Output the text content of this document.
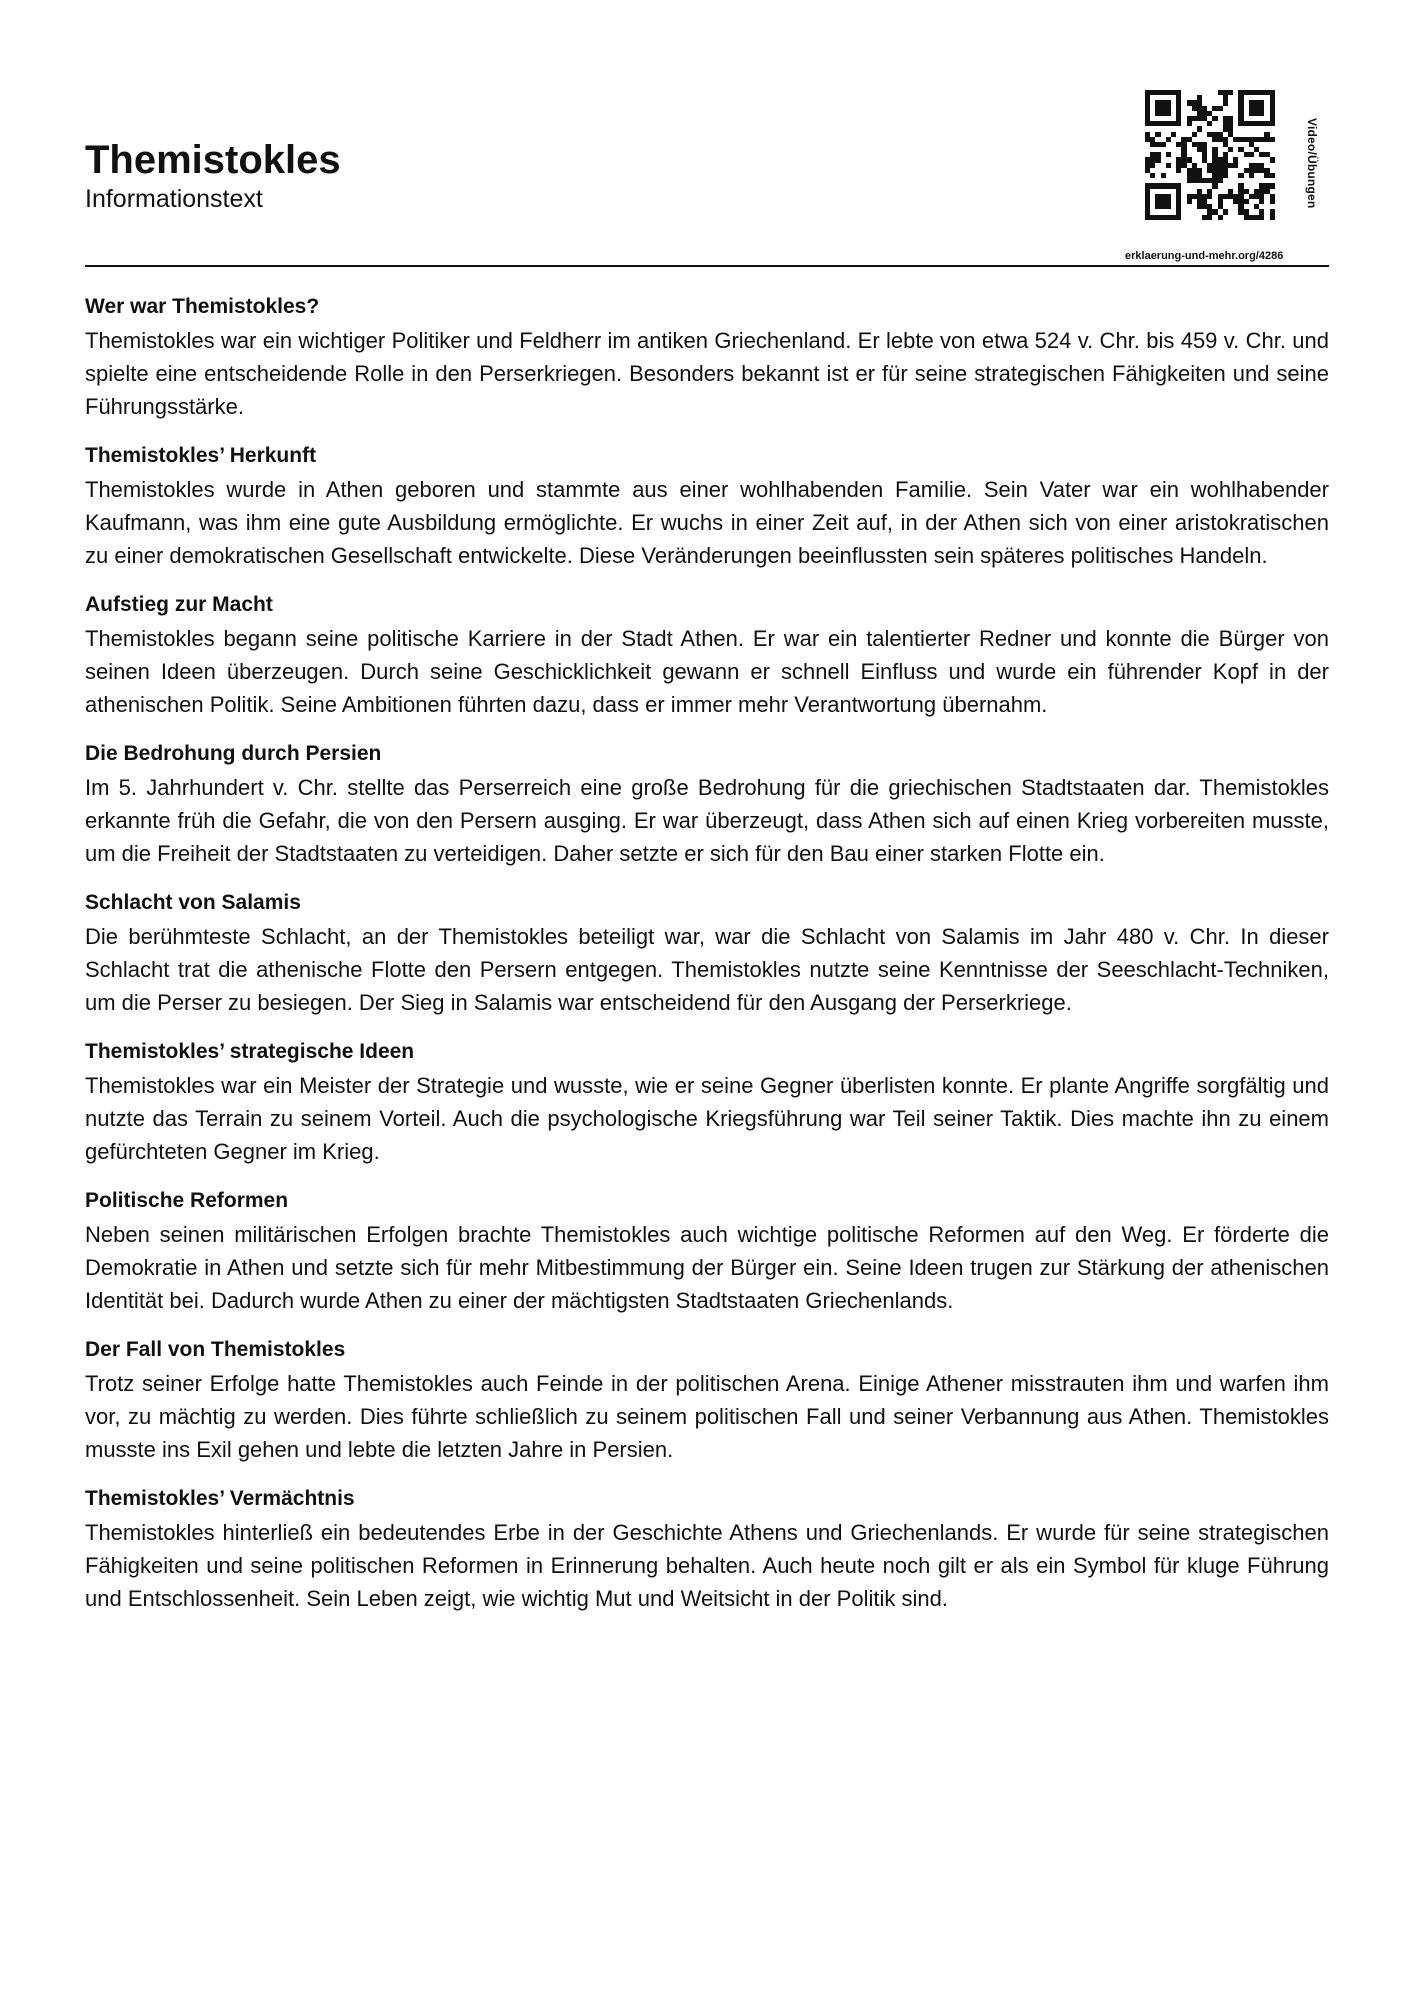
Themistokles
Informationstext	Video/Übungen
erklaerung-und-mehr.org/4286
Wer war Themistokles?

Themistokles war ein wichtiger Politiker und Feldherr im antiken Griechenland. Er lebte von etwa 524 v. Chr. bis 459 v. Chr. und spielte eine entscheidende Rolle in den Perserkriegen. Besonders bekannt ist er für seine strategischen Fähigkeiten und seine Führungsstärke.

Themistokles’ Herkunft

Themistokles wurde in Athen geboren und stammte aus einer wohlhabenden Familie. Sein Vater war ein wohlhabender Kaufmann, was ihm eine gute Ausbildung ermöglichte. Er wuchs in einer Zeit auf, in der Athen sich von einer aristokratischen zu einer demokratischen Gesellschaft entwickelte. Diese Veränderungen beeinflussten sein späteres politisches Handeln.

Aufstieg zur Macht

Themistokles begann seine politische Karriere in der Stadt Athen. Er war ein talentierter Redner und konnte die Bürger von seinen Ideen überzeugen. Durch seine Geschicklichkeit gewann er schnell Einfluss und wurde ein führender Kopf in der athenischen Politik. Seine Ambitionen führten dazu, dass er immer mehr Verantwortung übernahm.

Die Bedrohung durch Persien

Im 5. Jahrhundert v. Chr. stellte das Perserreich eine große Bedrohung für die griechischen Stadtstaaten dar. Themistokles erkannte früh die Gefahr, die von den Persern ausging. Er war überzeugt, dass Athen sich auf einen Krieg vorbereiten musste, um die Freiheit der Stadtstaaten zu verteidigen. Daher setzte er sich für den Bau einer starken Flotte ein.

Schlacht von Salamis

Die berühmteste Schlacht, an der Themistokles beteiligt war, war die Schlacht von Salamis im Jahr 480 v. Chr. In dieser Schlacht trat die athenische Flotte den Persern entgegen. Themistokles nutzte seine Kenntnisse der Seeschlacht-Techniken, um die Perser zu besiegen. Der Sieg in Salamis war entscheidend für den Ausgang der Perserkriege.

Themistokles’ strategische Ideen

Themistokles war ein Meister der Strategie und wusste, wie er seine Gegner überlisten konnte. Er plante Angriffe sorgfältig und nutzte das Terrain zu seinem Vorteil. Auch die psychologische Kriegsführung war Teil seiner Taktik. Dies machte ihn zu einem gefürchteten Gegner im Krieg.

Politische Reformen

Neben seinen militärischen Erfolgen brachte Themistokles auch wichtige politische Reformen auf den Weg. Er förderte die Demokratie in Athen und setzte sich für mehr Mitbestimmung der Bürger ein. Seine Ideen trugen zur Stärkung der athenischen Identität bei. Dadurch wurde Athen zu einer der mächtigsten Stadtstaaten Griechenlands.

Der Fall von Themistokles

Trotz seiner Erfolge hatte Themistokles auch Feinde in der politischen Arena. Einige Athener misstrauten ihm und warfen ihm vor, zu mächtig zu werden. Dies führte schließlich zu seinem politischen Fall und seiner Verbannung aus Athen. Themistokles musste ins Exil gehen und lebte die letzten Jahre in Persien.

Themistokles’ Vermächtnis

Themistokles hinterließ ein bedeutendes Erbe in der Geschichte Athens und Griechenlands. Er wurde für seine strategischen Fähigkeiten und seine politischen Reformen in Erinnerung behalten. Auch heute noch gilt er als ein Symbol für kluge Führung und Entschlossenheit. Sein Leben zeigt, wie wichtig Mut und Weitsicht in der Politik sind.
